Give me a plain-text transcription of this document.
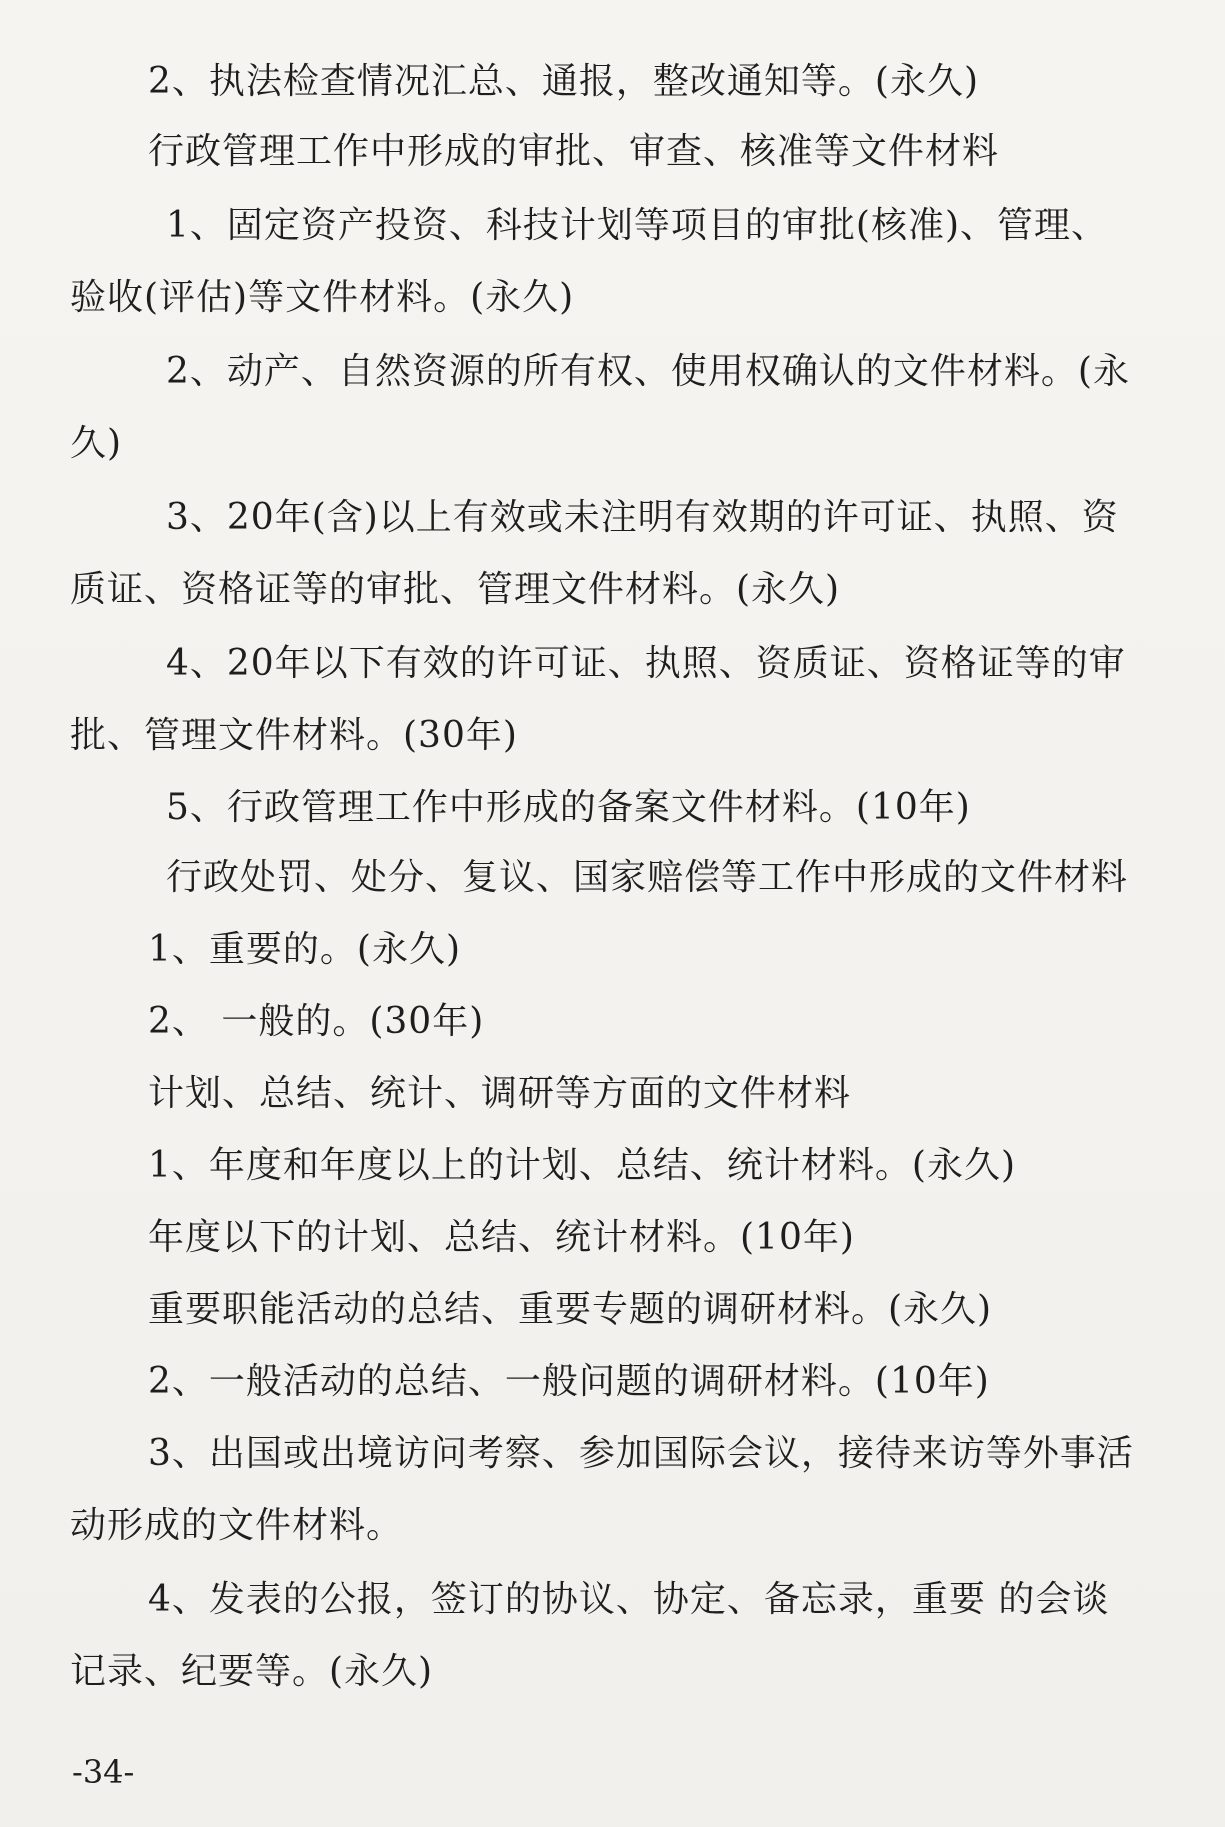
2、执法检查情况汇总、通报，整改通知等。(永久)
行政管理工作中形成的审批、审查、核准等文件材料
1、固定资产投资、科技计划等项目的审批(核准)、管理、
验收(评估)等文件材料。(永久)
2、动产、自然资源的所有权、使用权确认的文件材料。(永
久)
3、20年(含)以上有效或未注明有效期的许可证、执照、资
质证、资格证等的审批、管理文件材料。(永久)
4、20年以下有效的许可证、执照、资质证、资格证等的审
批、管理文件材料。(30年)
5、行政管理工作中形成的备案文件材料。(10年)
行政处罚、处分、复议、国家赔偿等工作中形成的文件材料
1、重要的。(永久)
2、 一般的。(30年)
计划、总结、统计、调研等方面的文件材料
1、年度和年度以上的计划、总结、统计材料。(永久)
年度以下的计划、总结、统计材料。(10年)
重要职能活动的总结、重要专题的调研材料。(永久)
2、一般活动的总结、一般问题的调研材料。(10年)
3、出国或出境访问考察、参加国际会议，接待来访等外事活
动形成的文件材料。
4、发表的公报，签订的协议、协定、备忘录，重要 的会谈
记录、纪要等。(永久)
-34-
